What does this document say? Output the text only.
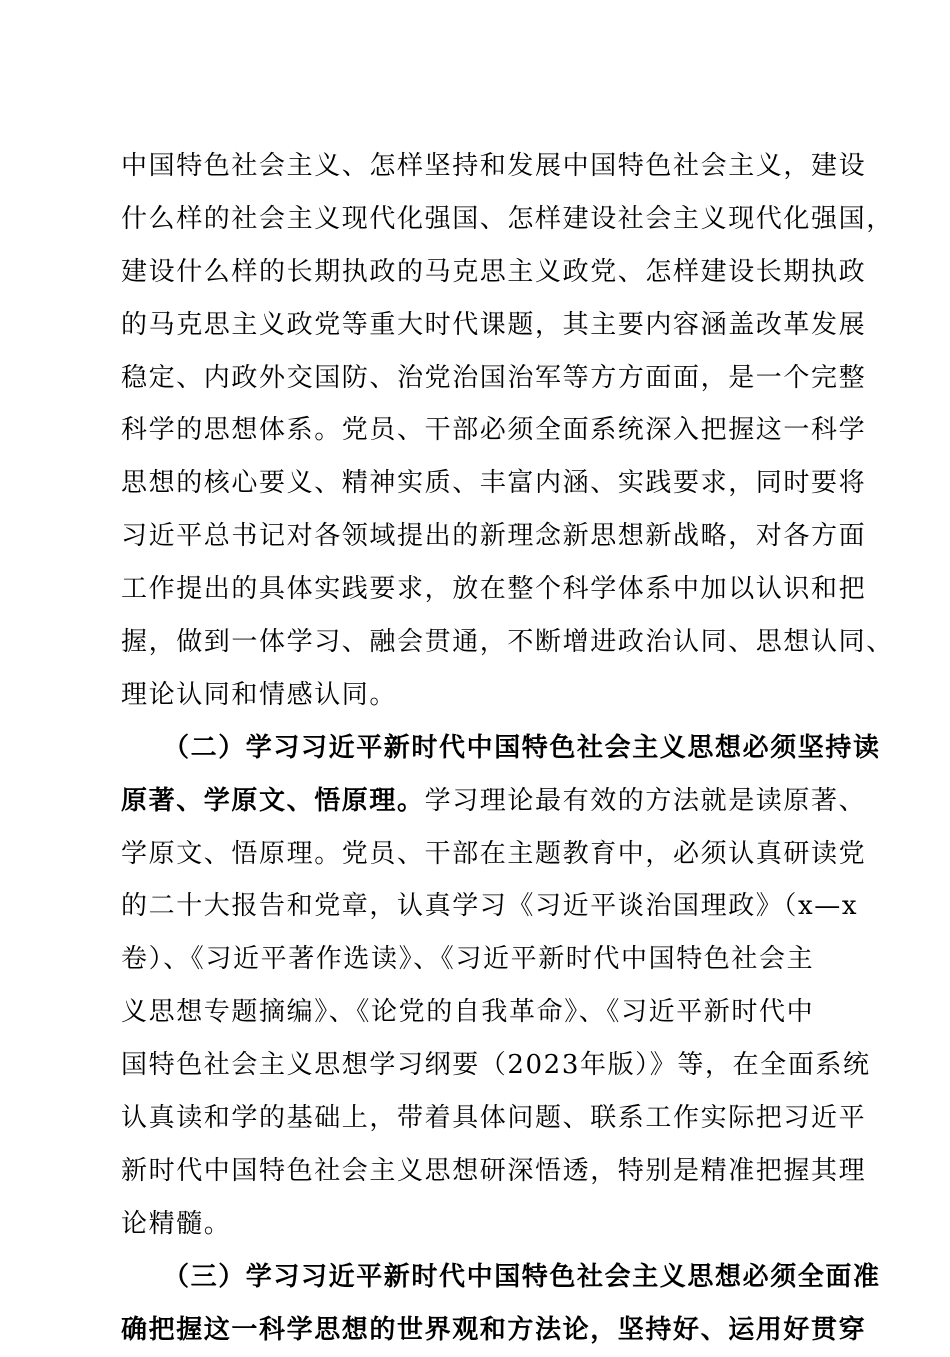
中国特色社会主义、怎样坚持和发展中国特色社会主义，建设
什么样的社会主义现代化强国、怎样建设社会主义现代化强国，
建设什么样的长期执政的马克思主义政党、怎样建设长期执政
的马克思主义政党等重大时代课题，其主要内容涵盖改革发展
稳定、内政外交国防、治党治国治军等方方面面，是一个完整
科学的思想体系。党员、干部必须全面系统深入把握这一科学
思想的核心要义、精神实质、丰富内涵、实践要求，同时要将
习近平总书记对各领域提出的新理念新思想新战略，对各方面
工作提出的具体实践要求，放在整个科学体系中加以认识和把
握，做到一体学习、融会贯通，不断增进政治认同、思想认同、
理论认同和情感认同。
（二）学习习近平新时代中国特色社会主义思想必须坚持读
原著、学原文、悟原理。学习理论最有效的方法就是读原著、
学原文、悟原理。党员、干部在主题教育中，必须认真研读党
的二十大报告和党章，认真学习《习近平谈治国理政》（x—x
卷）、《习近平著作选读》、《习近平新时代中国特色社会主
义思想专题摘编》、《论党的自我革命》、《习近平新时代中
国特色社会主义思想学习纲要（2023年版）》等，在全面系统
认真读和学的基础上，带着具体问题、联系工作实际把习近平
新时代中国特色社会主义思想研深悟透，特别是精准把握其理
论精髓。
（三）学习习近平新时代中国特色社会主义思想必须全面准
确把握这一科学思想的世界观和方法论，坚持好、运用好贯穿
